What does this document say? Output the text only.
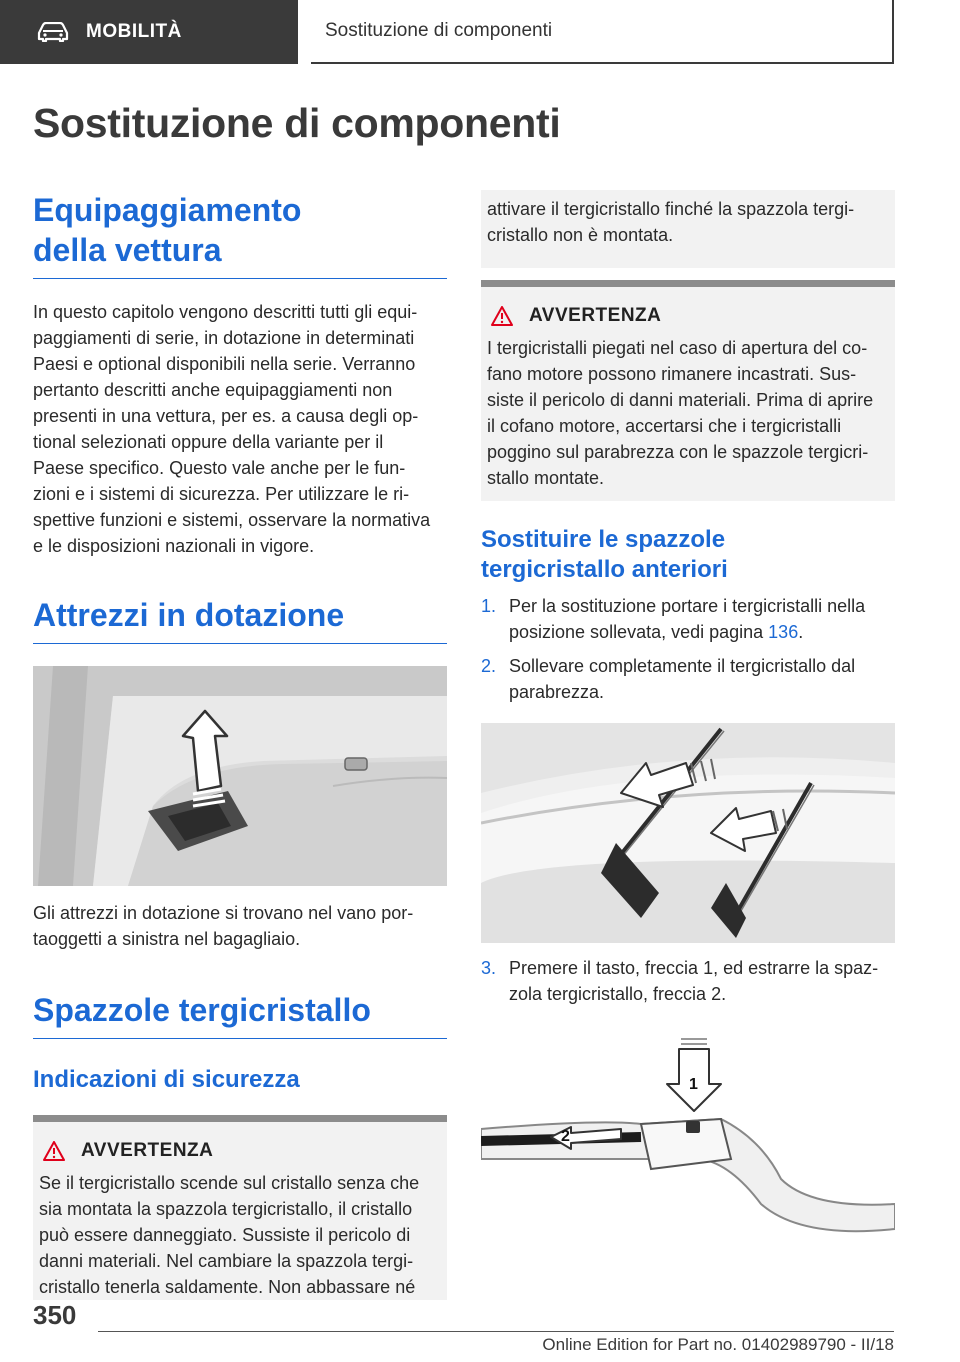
MOBILITÀ	Sostituzione di componenti
Sostituzione di componenti
Equipaggiamento della vettura

In questo capitolo vengono descritti tutti gli equi-

paggiamenti di serie, in dotazione in determinati

Paesi e optional disponibili nella serie. Verranno

pertanto descritti anche equipaggiamenti non

presenti in una vettura, per es. a causa degli op-

tional selezionati oppure della variante per il

Paese specifico. Questo vale anche per le fun-

zioni e i sistemi di sicurezza. Per utilizzare le ri-

spettive funzioni e sistemi, osservare la normativa

e le disposizioni nazionali in vigore.

Attrezzi in dotazione

Gli attrezzi in dotazione si trovano nel vano por-

taoggetti a sinistra nel bagagliaio.

Spazzole tergicristallo
Indicazioni di sicurezza
AVVERTENZA

Se il tergicristallo scende sul cristallo senza che

sia montata la spazzola tergicristallo, il cristallo

può essere danneggiato. Sussiste il pericolo di

danni materiali. Nel cambiare la spazzola tergi-

cristallo tenerla saldamente. Non abbassare né

attivare il tergicristallo finché la spazzola tergi-

cristallo non è montata.

AVVERTENZA

I tergicristalli piegati nel caso di apertura del co-

fano motore possono rimanere incastrati. Sus-

siste il pericolo di danni materiali. Prima di aprire

il cofano motore, accertarsi che i tergicristalli

poggino sul parabrezza con le spazzole tergicri-

stallo montate.

Sostituire le spazzole tergicristallo anteriori
1. Per la sostituzione portare i tergicristalli nella
posizione sollevata, vedi pagina 136.
2. Sollevare completamente il tergicristallo dal
parabrezza.
3. Premere il tasto, freccia 1, ed estrarre la spaz-
zola tergicristallo, freccia 2.
2
1
350
Online Edition for Part no. 01402989790 - II/18
